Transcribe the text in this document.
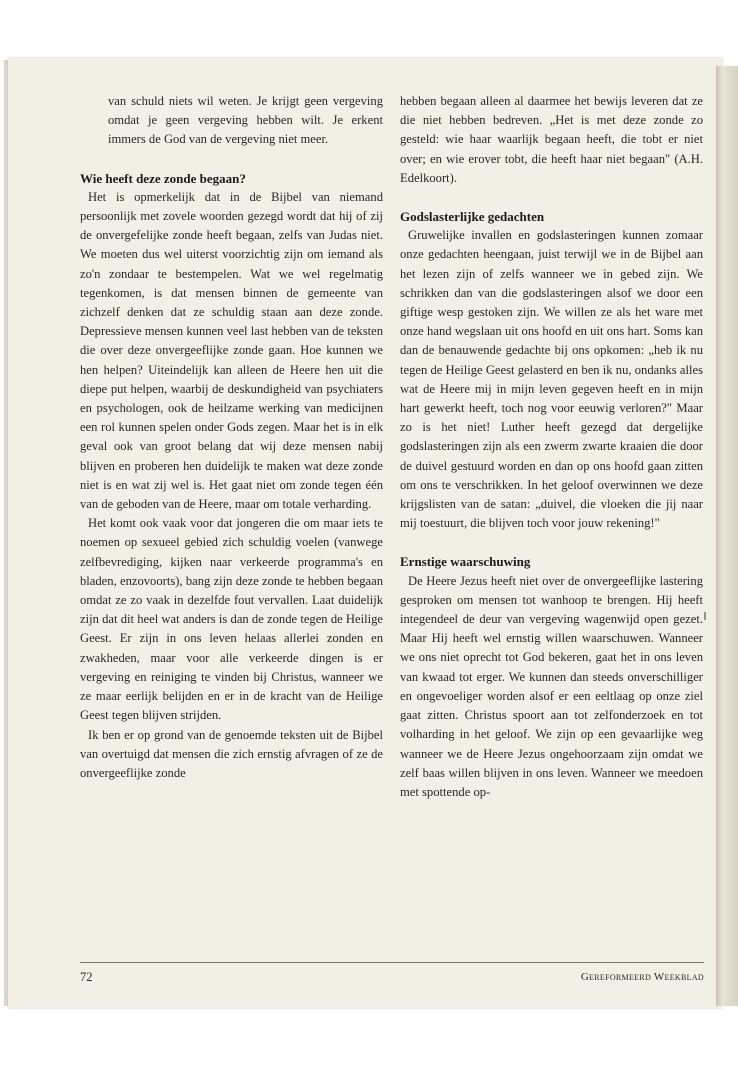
van schuld niets wil weten. Je krijgt geen vergeving omdat je geen vergeving hebben wilt. Je erkent immers de God van de vergeving niet meer.

Wie heeft deze zonde begaan?

Het is opmerkelijk dat in de Bijbel van niemand persoonlijk met zovele woorden gezegd wordt dat hij of zij de onvergefelijke zonde heeft begaan, zelfs van Judas niet. We moeten dus wel uiterst voorzichtig zijn om iemand als zo'n zondaar te bestempelen. Wat we wel regelmatig tegenkomen, is dat mensen binnen de gemeente van zichzelf denken dat ze schuldig staan aan deze zonde. Depressieve mensen kunnen veel last hebben van de teksten die over deze onvergeeflijke zonde gaan. Hoe kunnen we hen helpen? Uiteindelijk kan alleen de Heere hen uit die diepe put helpen, waarbij de deskundigheid van psychiaters en psychologen, ook de heilzame werking van medicijnen een rol kunnen spelen onder Gods zegen. Maar het is in elk geval ook van groot belang dat wij deze mensen nabij blijven en proberen hen duidelijk te maken wat deze zonde niet is en wat zij wel is. Het gaat niet om zonde tegen één van de geboden van de Heere, maar om totale verharding.

Het komt ook vaak voor dat jongeren die om maar iets te noemen op sexueel gebied zich schuldig voelen (vanwege zelfbevrediging, kijken naar verkeerde programma's en bladen, enzovoorts), bang zijn deze zonde te hebben begaan omdat ze zo vaak in dezelfde fout vervallen. Laat duidelijk zijn dat dit heel wat anders is dan de zonde tegen de Heilige Geest. Er zijn in ons leven helaas allerlei zonden en zwakheden, maar voor alle verkeerde dingen is er vergeving en reiniging te vinden bij Christus, wanneer we ze maar eerlijk belijden en er in de kracht van de Heilige Geest tegen blijven strijden.

Ik ben er op grond van de genoemde teksten uit de Bijbel van overtuigd dat mensen die zich ernstig afvragen of ze de onvergeeflijke zonde

hebben begaan alleen al daarmee het bewijs leveren dat ze die niet hebben bedreven. „Het is met deze zonde zo gesteld: wie haar waarlijk begaan heeft, die tobt er niet over; en wie erover tobt, die heeft haar niet begaan" (A.H. Edelkoort).

Godslasterlijke gedachten

Gruwelijke invallen en godslasteringen kunnen zomaar onze gedachten heengaan, juist terwijl we in de Bijbel aan het lezen zijn of zelfs wanneer we in gebed zijn. We schrikken dan van die godslasteringen alsof we door een giftige wesp gestoken zijn. We willen ze als het ware met onze hand wegslaan uit ons hoofd en uit ons hart. Soms kan dan de benauwende gedachte bij ons opkomen: „heb ik nu tegen de Heilige Geest gelasterd en ben ik nu, ondanks alles wat de Heere mij in mijn leven gegeven heeft en in mijn hart gewerkt heeft, toch nog voor eeuwig verloren?" Maar zo is het niet! Luther heeft gezegd dat dergelijke godslasteringen zijn als een zwerm zwarte kraaien die door de duivel gestuurd worden en dan op ons hoofd gaan zitten om ons te verschrikken. In het geloof overwinnen we deze krijgslisten van de satan: „duivel, die vloeken die jij naar mij toestuurt, die blijven toch voor jouw rekening!"

Ernstige waarschuwing

De Heere Jezus heeft niet over de onvergeeflijke lastering gesproken om mensen tot wanhoop te brengen. Hij heeft integendeel de deur van vergeving wagenwijd open gezet. Maar Hij heeft wel ernstig willen waarschuwen. Wanneer we ons niet oprecht tot God bekeren, gaat het in ons leven van kwaad tot erger. We kunnen dan steeds onverschilliger en ongevoeliger worden alsof er een eeltlaag op onze ziel gaat zitten. Christus spoort aan tot zelfonderzoek en tot volharding in het geloof. We zijn op een gevaarlijke weg wanneer we de Heere Jezus ongehoorzaam zijn omdat we zelf baas willen blijven in ons leven. Wanneer we meedoen met spottende op-

72	Gereformeerd Weekblad
